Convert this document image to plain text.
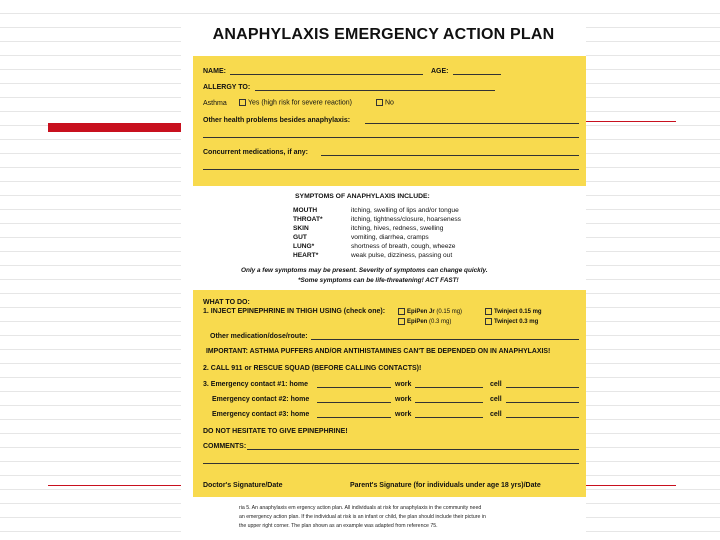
ANAPHYLAXIS EMERGENCY ACTION PLAN
NAME:	AGE:
ALLERGY TO:
Asthma	Yes (high risk for severe reaction)	No
Other health problems besides anaphylaxis:
Concurrent medications, if any:
SYMPTOMS OF ANAPHYLAXIS INCLUDE:
MOUTH	itching, swelling of lips and/or tongue
THROAT*	itching, tightness/closure, hoarseness
SKIN	itching, hives, redness, swelling
GUT	vomiting, diarrhea, cramps
LUNG*	shortness of breath, cough, wheeze
HEART*	weak pulse, dizziness, passing out
Only a few symptoms may be present. Severity of symptoms can change quickly.
*Some symptoms can be life-threatening! ACT FAST!
WHAT TO DO:
1. INJECT EPINEPHRINE IN THIGH USING (check one):	EpiPen Jr (0.15 mg)	Twinject 0.15 mg
EpiPen (0.3 mg)	Twinject 0.3 mg
Other medication/dose/route:
IMPORTANT: ASTHMA PUFFERS AND/OR ANTIHISTAMINES CAN'T BE DEPENDED ON IN ANAPHYLAXIS!
2. CALL 911 or RESCUE SQUAD (BEFORE CALLING CONTACTS)!
3. Emergency contact #1: home	work	cell
Emergency contact #2: home	work	cell
Emergency contact #3: home	work	cell
DO NOT HESITATE TO GIVE EPINEPHRINE!
COMMENTS:
Doctor's Signature/Date	Parent's Signature (for individuals under age 18 yrs)/Date
ria 5. An anaphylaxis em ergency action plan. All individuals at risk for anaphylaxis in the community need
an emergency action plan. If the individual at risk is an infant or child, the plan should include their picture in
the upper right corner. The plan shown as an example was adapted from reference 75.
